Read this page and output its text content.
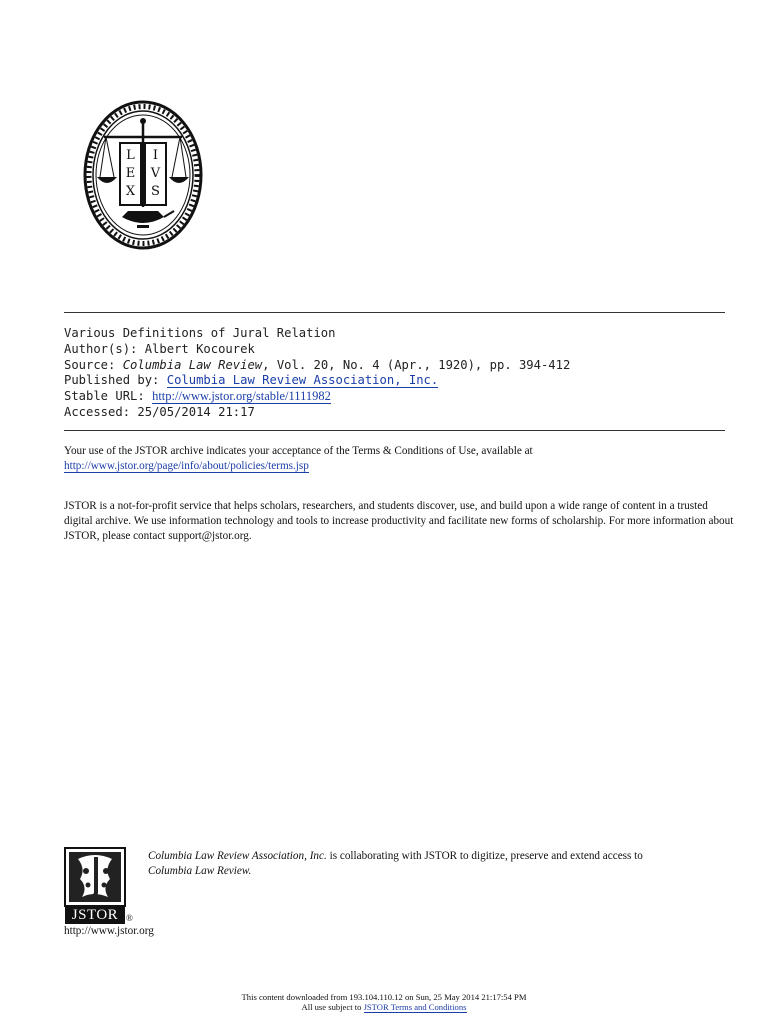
L
E
X
I
V
S
Various Definitions of Jural Relation
Author(s): Albert Kocourek
Source: Columbia Law Review, Vol. 20, No. 4 (Apr., 1920), pp. 394-412
Published by: Columbia Law Review Association, Inc.
Stable URL: http://www.jstor.org/stable/1111982
Accessed: 25/05/2014 21:17
Your use of the JSTOR archive indicates your acceptance of the Terms & Conditions of Use, available at
http://www.jstor.org/page/info/about/policies/terms.jsp
JSTOR is a not-for-profit service that helps scholars, researchers, and students discover, use, and build upon a wide range of content in a trusted digital archive. We use information technology and tools to increase productivity and facilitate new forms of scholarship. For more information about JSTOR, please contact support@jstor.org.
JSTOR ®
http://www.jstor.org
Columbia Law Review Association, Inc. is collaborating with JSTOR to digitize, preserve and extend access to
Columbia Law Review.
This content downloaded from 193.104.110.12 on Sun, 25 May 2014 21:17:54 PM
All use subject to JSTOR Terms and Conditions
